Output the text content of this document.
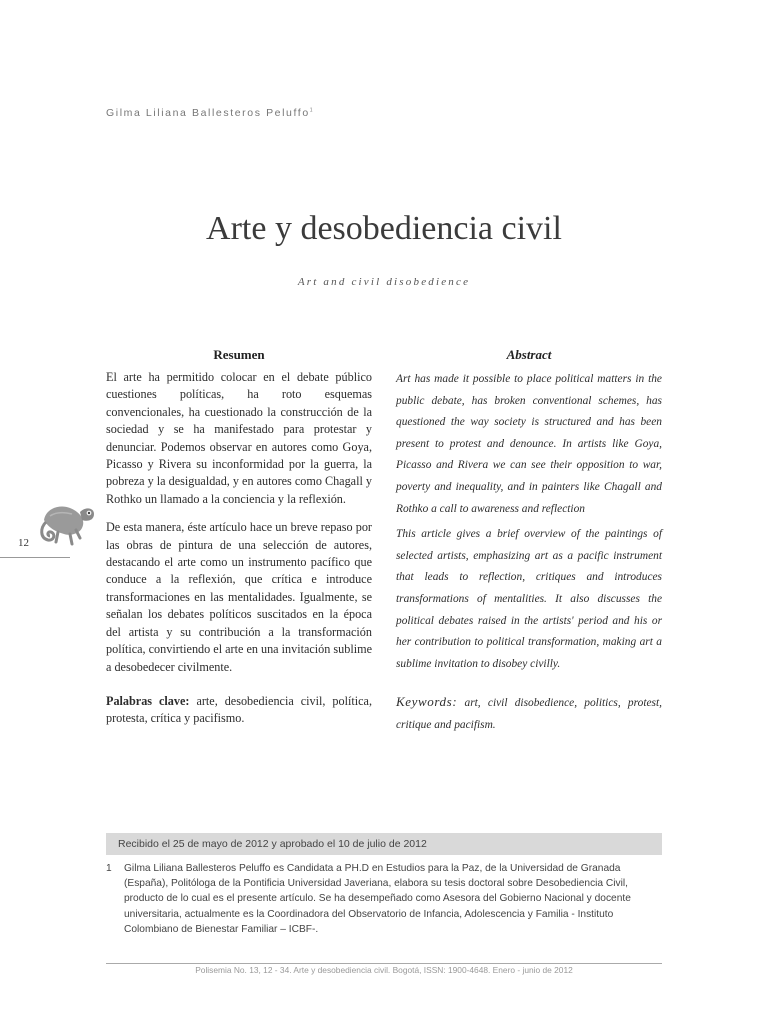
Gilma Liliana Ballesteros Peluffo$^1$
Arte y desobediencia civil
Art and civil disobedience
Resumen	Abstract

El arte ha permitido colocar en el debate público cuestiones políticas, ha roto esquemas convencionales, ha cuestionado la construcción de la sociedad y se ha manifestado para protestar y denunciar. Podemos observar en autores como Goya, Picasso y Rivera su inconformidad por la guerra, la pobreza y la desigualdad, y en autores como Chagall y Rothko un llamado a la conciencia y la reflexión.

De esta manera, éste artículo hace un breve repaso por las obras de pintura de una selección de autores, destacando el arte como un instrumento pacífico que conduce a la reflexión, que crítica e introduce transformaciones en las mentalidades. Igualmente, se señalan los debates políticos suscitados en la época del artista y su contribución a la transformación política, convirtiendo el arte en una invitación sublime a desobedecer civilmente.

Palabras clave: arte, desobediencia civil, política, protesta, crítica y pacifismo.

Art has made it possible to place political matters in the public debate, has broken conventional schemes, has questioned the way society is structured and has been present to protest and denounce. In artists like Goya, Picasso and Rivera we can see their opposition to war, poverty and inequality, and in painters like Chagall and Rothko a call to awareness and reflection

This article gives a brief overview of the paintings of selected artists, emphasizing art as a pacific instrument that leads to reflection, critiques and introduces transformations of mentalities. It also discusses the political debates raised in the artists' period and his or her contribution to political transformation, making art a sublime invitation to disobey civilly.

Keywords: art, civil disobedience, politics, protest, critique and pacifism.

12
Recibido el 25 de mayo de 2012 y aprobado el 10 de julio de 2012
1 Gilma Liliana Ballesteros Peluffo es Candidata a PH.D en Estudios para la Paz, de la Universidad de Granada (España), Politóloga de la Pontificia Universidad Javeriana, elabora su tesis doctoral sobre Desobediencia Civil, producto de lo cual es el presente artículo. Se ha desempeñado como Asesora del Gobierno Nacional y docente universitaria, actualmente es la Coordinadora del Observatorio de Infancia, Adolescencia y Familia - Instituto Colombiano de Bienestar Familiar – ICBF-.
Polisemia No. 13, 12 - 34. Arte y desobediencia civil. Bogotá, ISSN: 1900-4648. Enero - junio de 2012
